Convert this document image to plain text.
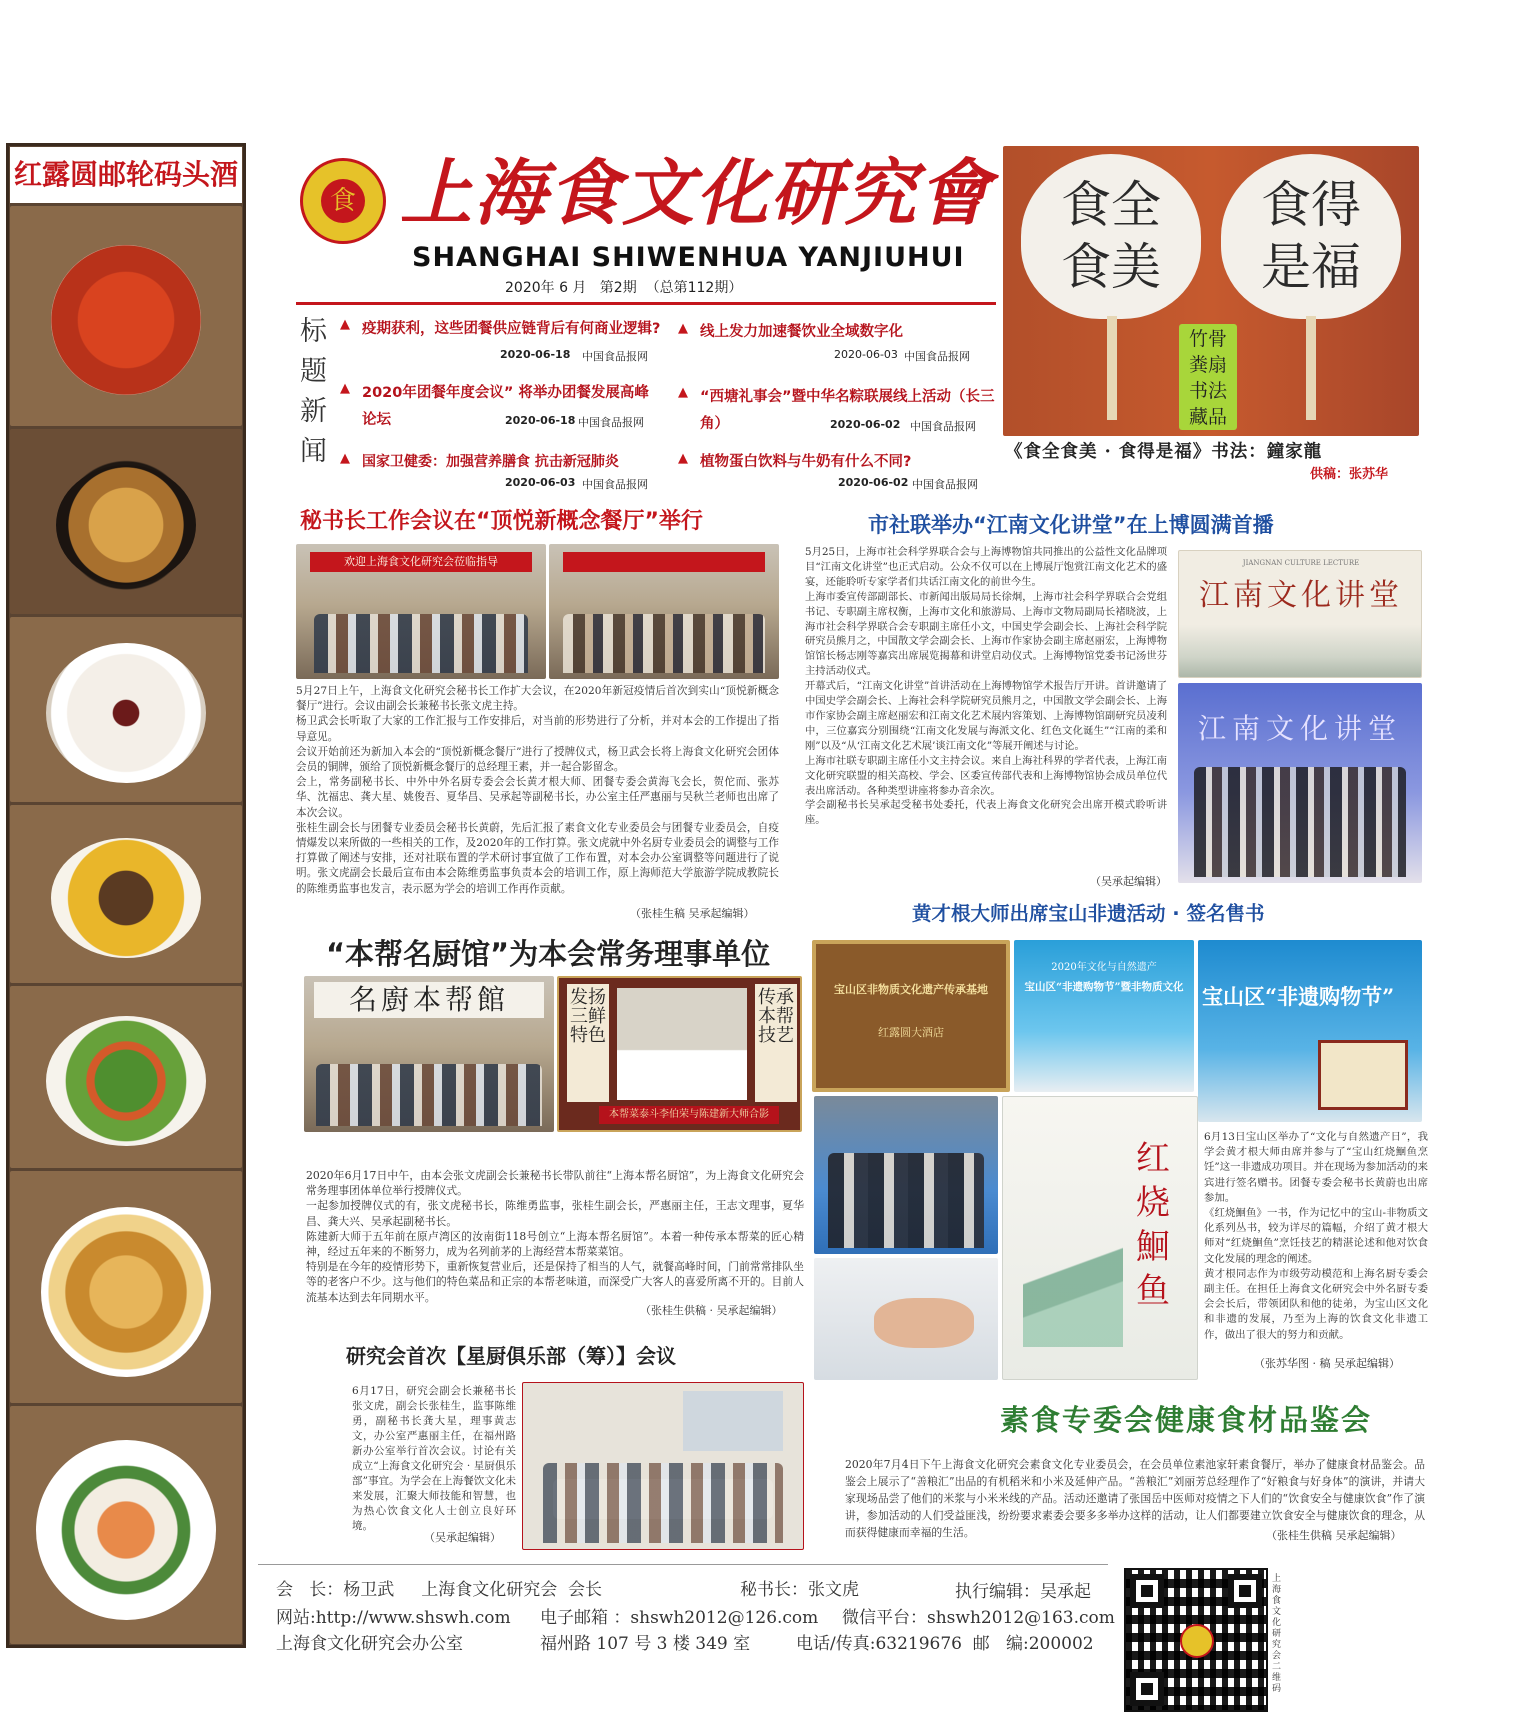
红露圆邮轮码头酒
食 上海食文化研究會
SHANGHAI SHIWENHUA YANJIUHUI
2020年 6 月   第2期  （总第112期）
标题新闻
▲ 疫期获利，这些团餐供应链背后有何商业逻辑?
2020-06-18 中国食品报网
▲ 线上发力加速餐饮业全域数字化
2020-06-03 中国食品报网
▲ 2020年团餐年度会议” 将举办团餐发展高峰论坛	2020-06-18 中国食品报网
▲ “西塘礼事会”暨中华名粽联展线上活动（长三角）	2020-06-02 中国食品报网
▲ 国家卫健委：加强营养膳食 抗击新冠肺炎
2020-06-03 中国食品报网
▲ 植物蛋白饮料与牛奶有什么不同?
2020-06-02 中国食品报网
食全食美
食得是福
竹骨粪扇书法藏品
《食全食美 · 食得是福》书法：鐘家龍
供稿：张苏华
秘书长工作会议在“顶悦新概念餐厅”举行
欢迎上海食文化研究会莅临指导
5月27日上午，上海食文化研究会秘书长工作扩大会议，在2020年新冠疫情后首次到实山“顶悦新概念餐厅”进行。会议由副会长兼秘书长张文虎主持。
杨卫武会长听取了大家的工作汇报与工作安排后，对当前的形势进行了分析，并对本会的工作提出了指导意见。
会议开始前还为新加入本会的“顶悦新概念餐厅”进行了授牌仪式，杨卫武会长将上海食文化研究会团体会员的铜牌，颁给了顶悦新概念餐厅的总经理王素，并一起合影留念。
会上，常务副秘书长、中外中外名厨专委会会长黄才根大师、团餐专委会黄海飞会长，贺佗而、张苏华、沈福忠、龚大星、姚俊吾、夏华昌、吴承起等副秘书长，办公室主任严惠丽与吴秋兰老师也出席了本次会议。
张桂生副会长与团餐专业委员会秘书长黄蔚，先后汇报了素食文化专业委员会与团餐专业委员会，自疫情爆发以来所做的一些相关的工作，及2020年的工作打算。张文虎就中外名厨专业委员会的调整与工作打算做了阐述与安排，还对社联布置的学术研讨事宜做了工作布置，对本会办公室调整等问题进行了说明。张文虎副会长最后宣布由本会陈维勇监事负责本会的培训工作，原上海师范大学旅游学院成教院长的陈维勇监事也发言，表示愿为学会的培训工作再作贡献。
（张桂生稿 吴承起编辑）
“本帮名厨馆”为本会常务理事单位
名廚本帮館	发扬三鲜特色
传承本帮技艺
本帮菜泰斗李伯荣与陈建新大师合影
2020年6月17日中午，由本会张文虎副会长兼秘书长带队前往“上海本帮名厨馆”，为上海食文化研究会常务理事团体单位举行授牌仪式。
一起参加授牌仪式的有，张文虎秘书长，陈维勇监事，张桂生副会长，严惠丽主任，王志文理事，夏华昌、龚大兴、吴承起副秘书长。
陈建新大师于五年前在原卢湾区的汝南街118号创立“上海本帮名厨馆”。本着一种传承本帮菜的匠心精神，经过五年来的不断努力，成为名列前茅的上海经营本帮菜菜馆。
特别是在今年的疫情形势下，重新恢复营业后，还是保持了相当的人气，就餐高峰时间，门前常常排队坐等的老客户不少。这与他们的特色菜品和正宗的本帮老味道，而深受广大客人的喜爱所离不开的。目前人流基本达到去年同期水平。
（张桂生供稿 · 吴承起编辑）
研究会首次【星厨俱乐部（筹）】会议
6月17日，研究会副会长兼秘书长张文虎，副会长张桂生，监事陈维勇，副秘书长龚大星，理事黄志文，办公室严惠丽主任，在福州路新办公室举行首次会议。讨论有关成立“上海食文化研究会 · 星厨俱乐部”事宜。为学会在上海餐饮文化未来发展，汇聚大师技能和智慧，也为热心饮食文化人士创立良好环境。
（吴承起编辑）
市社联举办“江南文化讲堂”在上博圆满首播
5月25日，上海市社会科学界联合会与上海博物馆共同推出的公益性文化品牌项目“江南文化讲堂”也正式启动。公众不仅可以在上博展厅饱赏江南文化艺术的盛宴，还能聆听专家学者们共话江南文化的前世今生。
上海市委宣传部副部长、市新闻出版局局长徐炯，上海市社会科学界联合会党组书记、专职副主席权衡，上海市文化和旅游局、上海市文物局副局长褚晓波，上海市社会科学界联合会专职副主席任小文，中国史学会副会长、上海社会科学院研究员熊月之，中国散文学会副会长、上海市作家协会副主席赵丽宏，上海博物馆馆长杨志刚等嘉宾出席展览揭幕和讲堂启动仪式。上海博物馆党委书记汤世芬主持活动仪式。
开幕式后，“江南文化讲堂”首讲活动在上海博物馆学术报告厅开讲。首讲邀请了中国史学会副会长、上海社会科学院研究员熊月之，中国散文学会副会长、上海市作家协会副主席赵丽宏和江南文化艺术展内容策划、上海博物馆副研究员凌利中，三位嘉宾分别围绕“江南文化发展与海派文化、红色文化诞生”“江南的柔和刚”以及“从‘江南文化艺术展’谈江南文化”等展开阐述与讨论。
上海市社联专职副主席任小文主持会议。来自上海社科界的学者代表，上海江南文化研究联盟的相关高校、学会、区委宣传部代表和上海博物馆协会成员单位代表出席活动。各种类型讲座将参办音余次。
学会副秘书长吴承起受秘书处委托，代表上海食文化研究会出席开模式聆听讲座。
（吴承起编辑）
JIANGNAN CULTURE LECTURE
江南文化讲堂
江南文化讲堂
黄才根大师出席宝山非遗活动 · 签名售书
宝山区非物质文化遗产传承基地
红露圆大酒店
2020年文化与自然遗产
宝山区“非遗购物节”暨非物质文化 宝山区“非遗购物节”
红烧鮰鱼
6月13日宝山区举办了“文化与自然遗产日”，我学会黄才根大师由席并参与了“宝山红烧鮰鱼烹饪”这一非遗成功项目。并在现场为参加活动的来宾进行签名赠书。团餐专委会秘书长黄蔚也出席参加。
《红烧鮰鱼》一书，作为记忆中的宝山-非物质文化系列丛书，较为详尽的篇幅，介绍了黄才根大师对“红烧鮰鱼”烹饪技艺的精湛论述和他对饮食文化发展的理念的阐述。
黄才根同志作为市级劳动模范和上海名厨专委会副主任。在担任上海食文化研究会中外名厨专委会会长后，带领团队和他的徒弟，为宝山区文化和非遗的发展，乃至为上海的饮食文化非遗工作，做出了很大的努力和贡献。
（张苏华图 · 稿 吴承起编辑）
素食专委会健康食材品鉴会
2020年7月4日下午上海食文化研究会素食文化专业委员会，在会员单位素池家轩素食餐厅，举办了健康食材品鉴会。品鉴会上展示了“善粮汇”出品的有机稻米和小米及延伸产品。“善粮汇”刘丽芳总经理作了“好粮食与好身体”的演讲，并请大家现场品尝了他们的米浆与小米米线的产品。活动还邀请了张国岳中医师对疫情之下人们的“饮食安全与健康饮食”作了演讲，参加活动的人们受益匪浅，纷纷要求素委会要多多举办这样的活动，让人们都要建立饮食安全与健康饮食的理念，从而获得健康而幸福的生活。	（张桂生供稿 吴承起编辑）
会   长：杨卫武     上海食文化研究会  会长	秘书长：张文虎	执行编辑：吴承起
网站:http://www.shswh.com	电子邮箱 ：shswh2012@126.com 微信平台：shswh2012@163.com
上海食文化研究会办公室	福州路 107 号 3 楼 349 室	电话/传真:63219676  邮   编:200002
上海食文化研究会二维码
